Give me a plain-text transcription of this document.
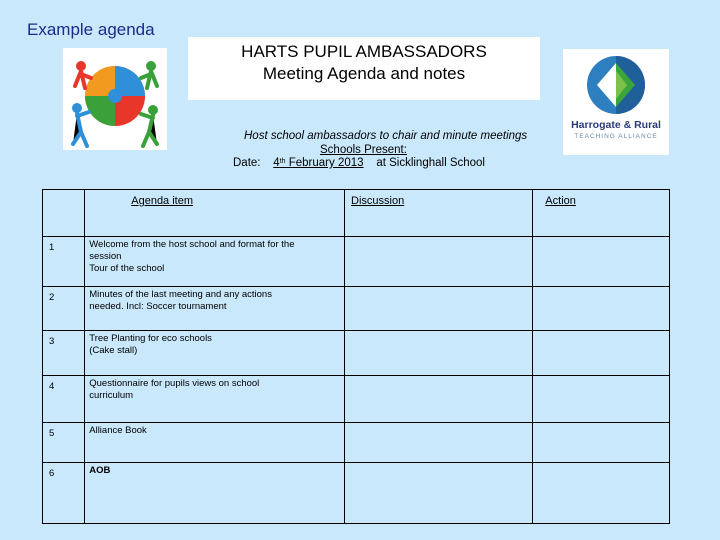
Example agenda
HARTS PUPIL AMBASSADORS
Meeting Agenda and notes
Harrogate & Rural
TEACHING ALLIANCE
Host school ambassadors to chair and minute meetings
Schools Present:
Date: 4th February 2013 at Sicklinghall School
	Agenda item	Discussion	Action
1	Welcome from the host school and format for the
session
Tour of the school		

2	Minutes of the last meeting and any actions
needed. Incl: Soccer tournament		

3	Tree Planting for eco schools
(Cake stall)		

4	Questionnaire for pupils views on school
curriculum		

5	Alliance Book		

6	AOB		
